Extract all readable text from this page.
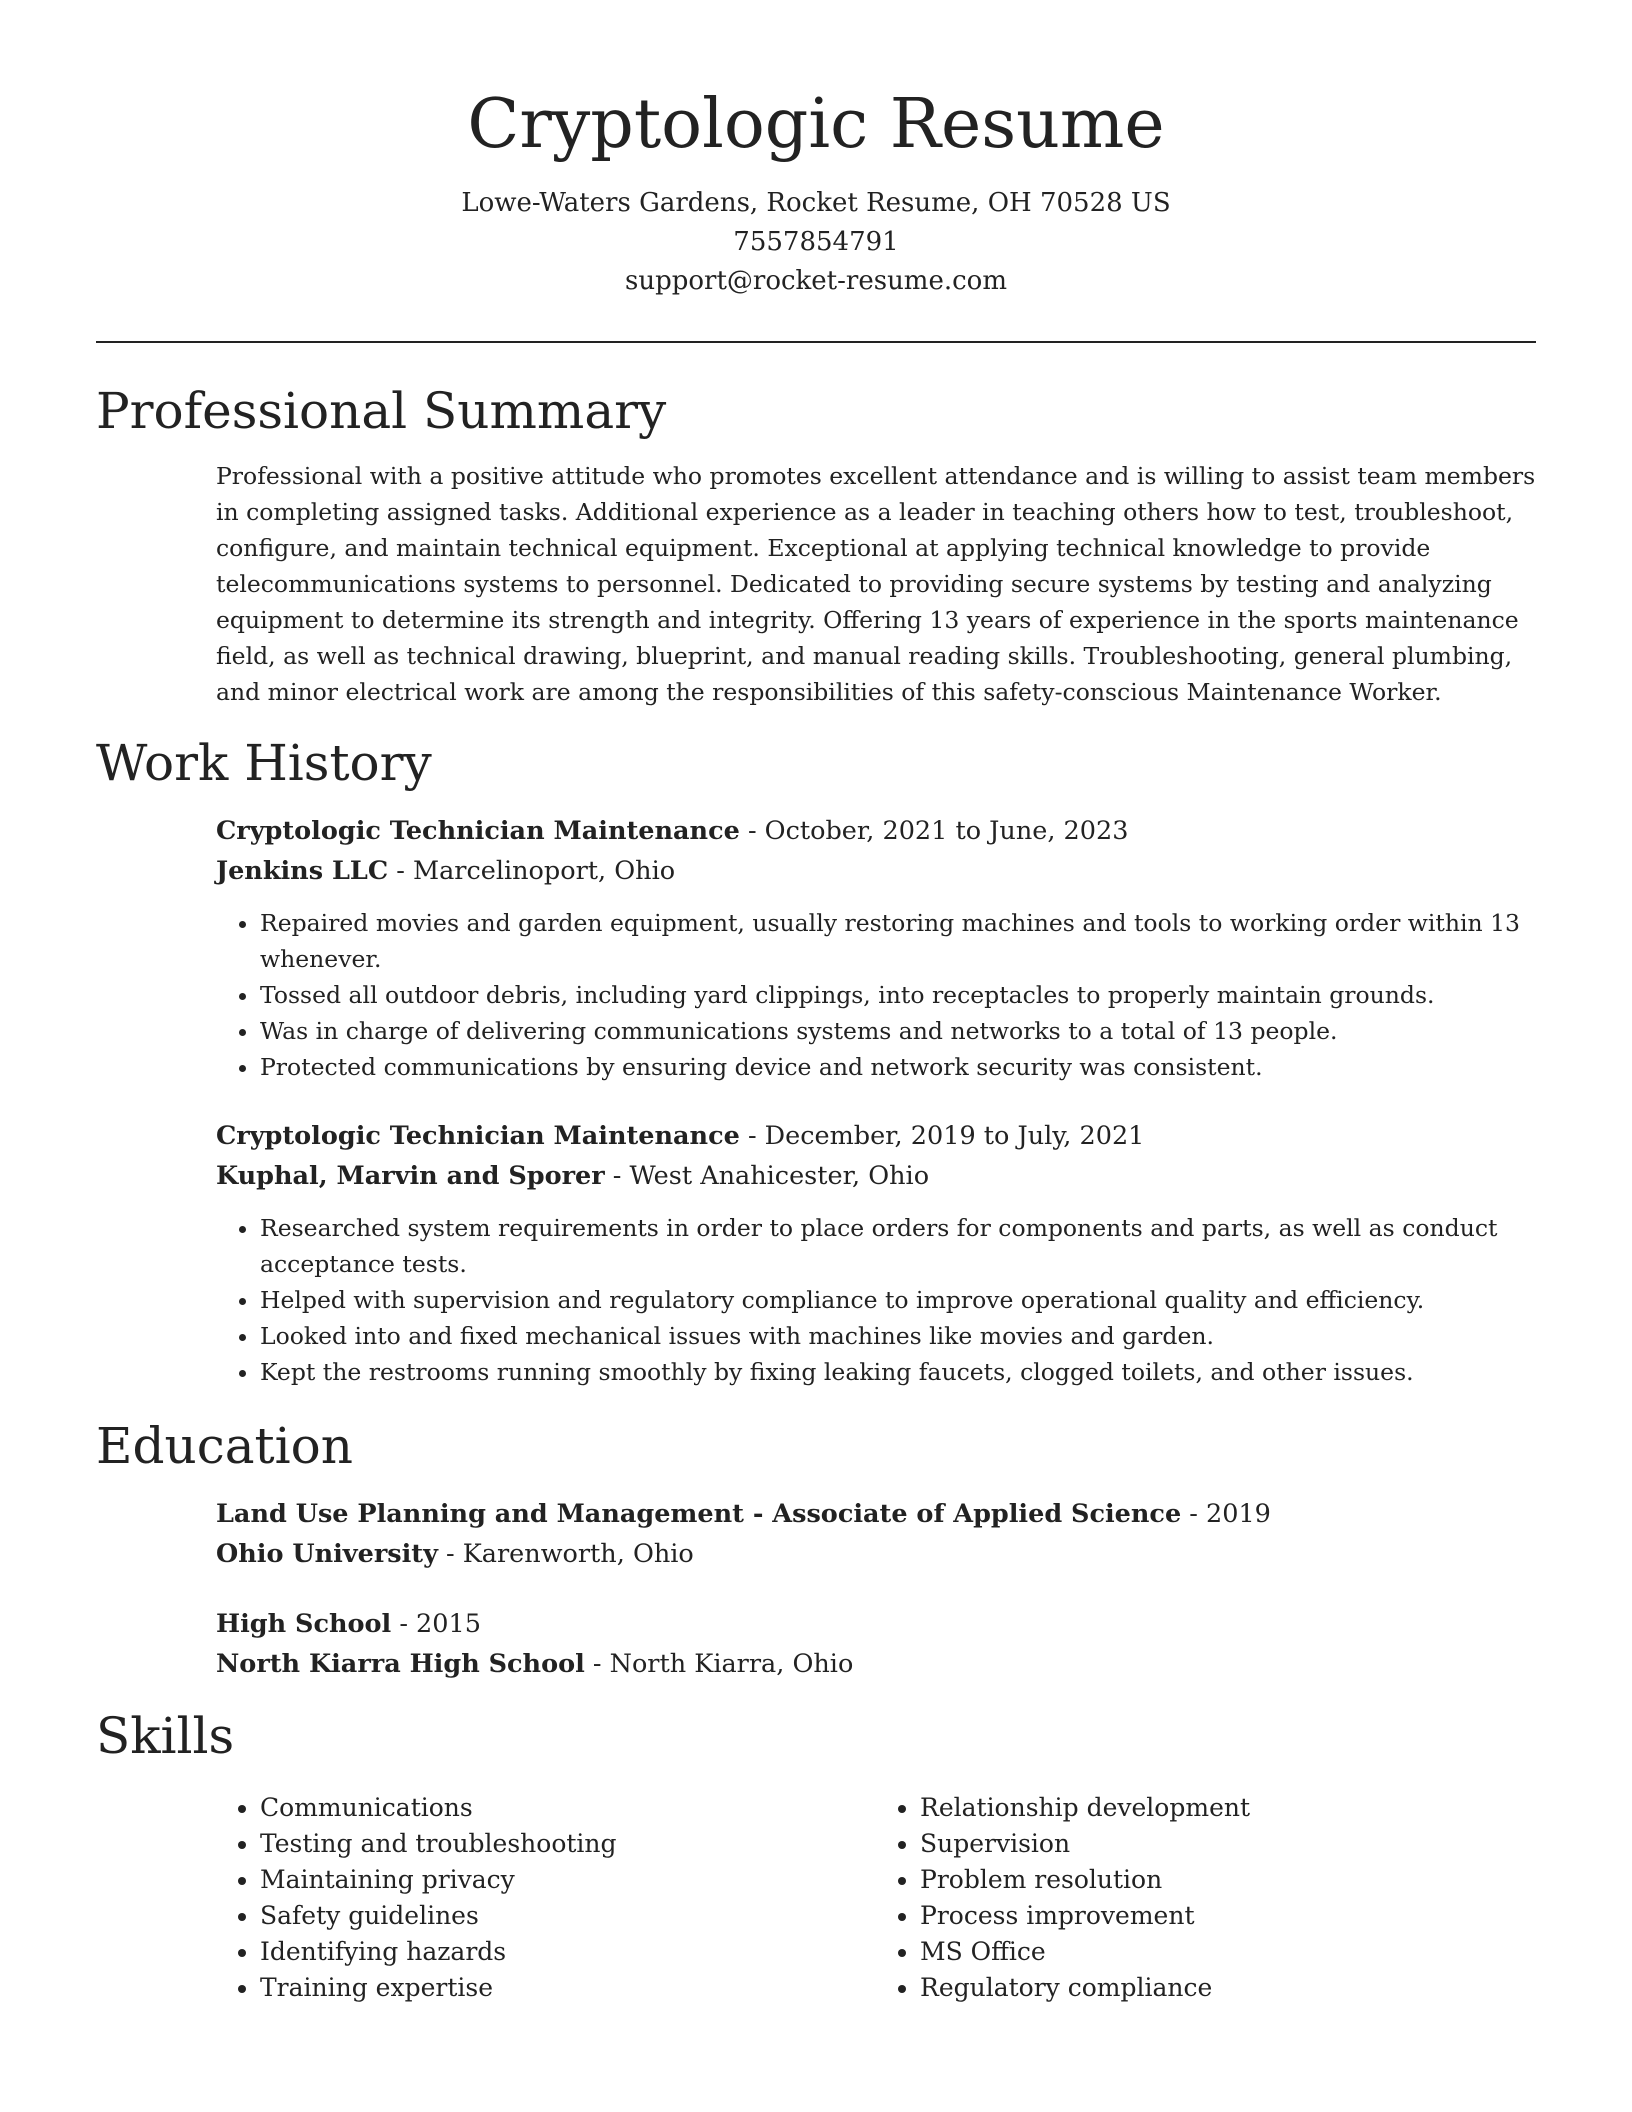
Cryptologic Resume
Lowe-Waters Gardens, Rocket Resume, OH 70528 US
7557854791
support@rocket-resume.com
Professional Summary

Professional with a positive attitude who promotes excellent attendance and is willing to assist team members in completing assigned tasks. Additional experience as a leader in teaching others how to test, troubleshoot, configure, and maintain technical equipment. Exceptional at applying technical knowledge to provide telecommunications systems to personnel. Dedicated to providing secure systems by testing and analyzing equipment to determine its strength and integrity. Offering 13 years of experience in the sports maintenance field, as well as technical drawing, blueprint, and manual reading skills. Troubleshooting, general plumbing, and minor electrical work are among the responsibilities of this safety-conscious Maintenance Worker.

Work History
Cryptologic Technician Maintenance - October, 2021 to June, 2023
Jenkins LLC - Marcelinoport, Ohio
• Repaired movies and garden equipment, usually restoring machines and tools to working order within 13 whenever.
• Tossed all outdoor debris, including yard clippings, into receptacles to properly maintain grounds.
• Was in charge of delivering communications systems and networks to a total of 13 people.
• Protected communications by ensuring device and network security was consistent.
Cryptologic Technician Maintenance - December, 2019 to July, 2021
Kuphal, Marvin and Sporer - West Anahicester, Ohio
• Researched system requirements in order to place orders for components and parts, as well as conduct acceptance tests.
• Helped with supervision and regulatory compliance to improve operational quality and efficiency.
• Looked into and fixed mechanical issues with machines like movies and garden.
• Kept the restrooms running smoothly by fixing leaking faucets, clogged toilets, and other issues.
Education
Land Use Planning and Management - Associate of Applied Science - 2019
Ohio University - Karenworth, Ohio
High School - 2015
North Kiarra High School - North Kiarra, Ohio
Skills
• Communications
• Testing and troubleshooting
• Maintaining privacy
• Safety guidelines
• Identifying hazards
• Training expertise
• Relationship development
• Supervision
• Problem resolution
• Process improvement
• MS Office
• Regulatory compliance
